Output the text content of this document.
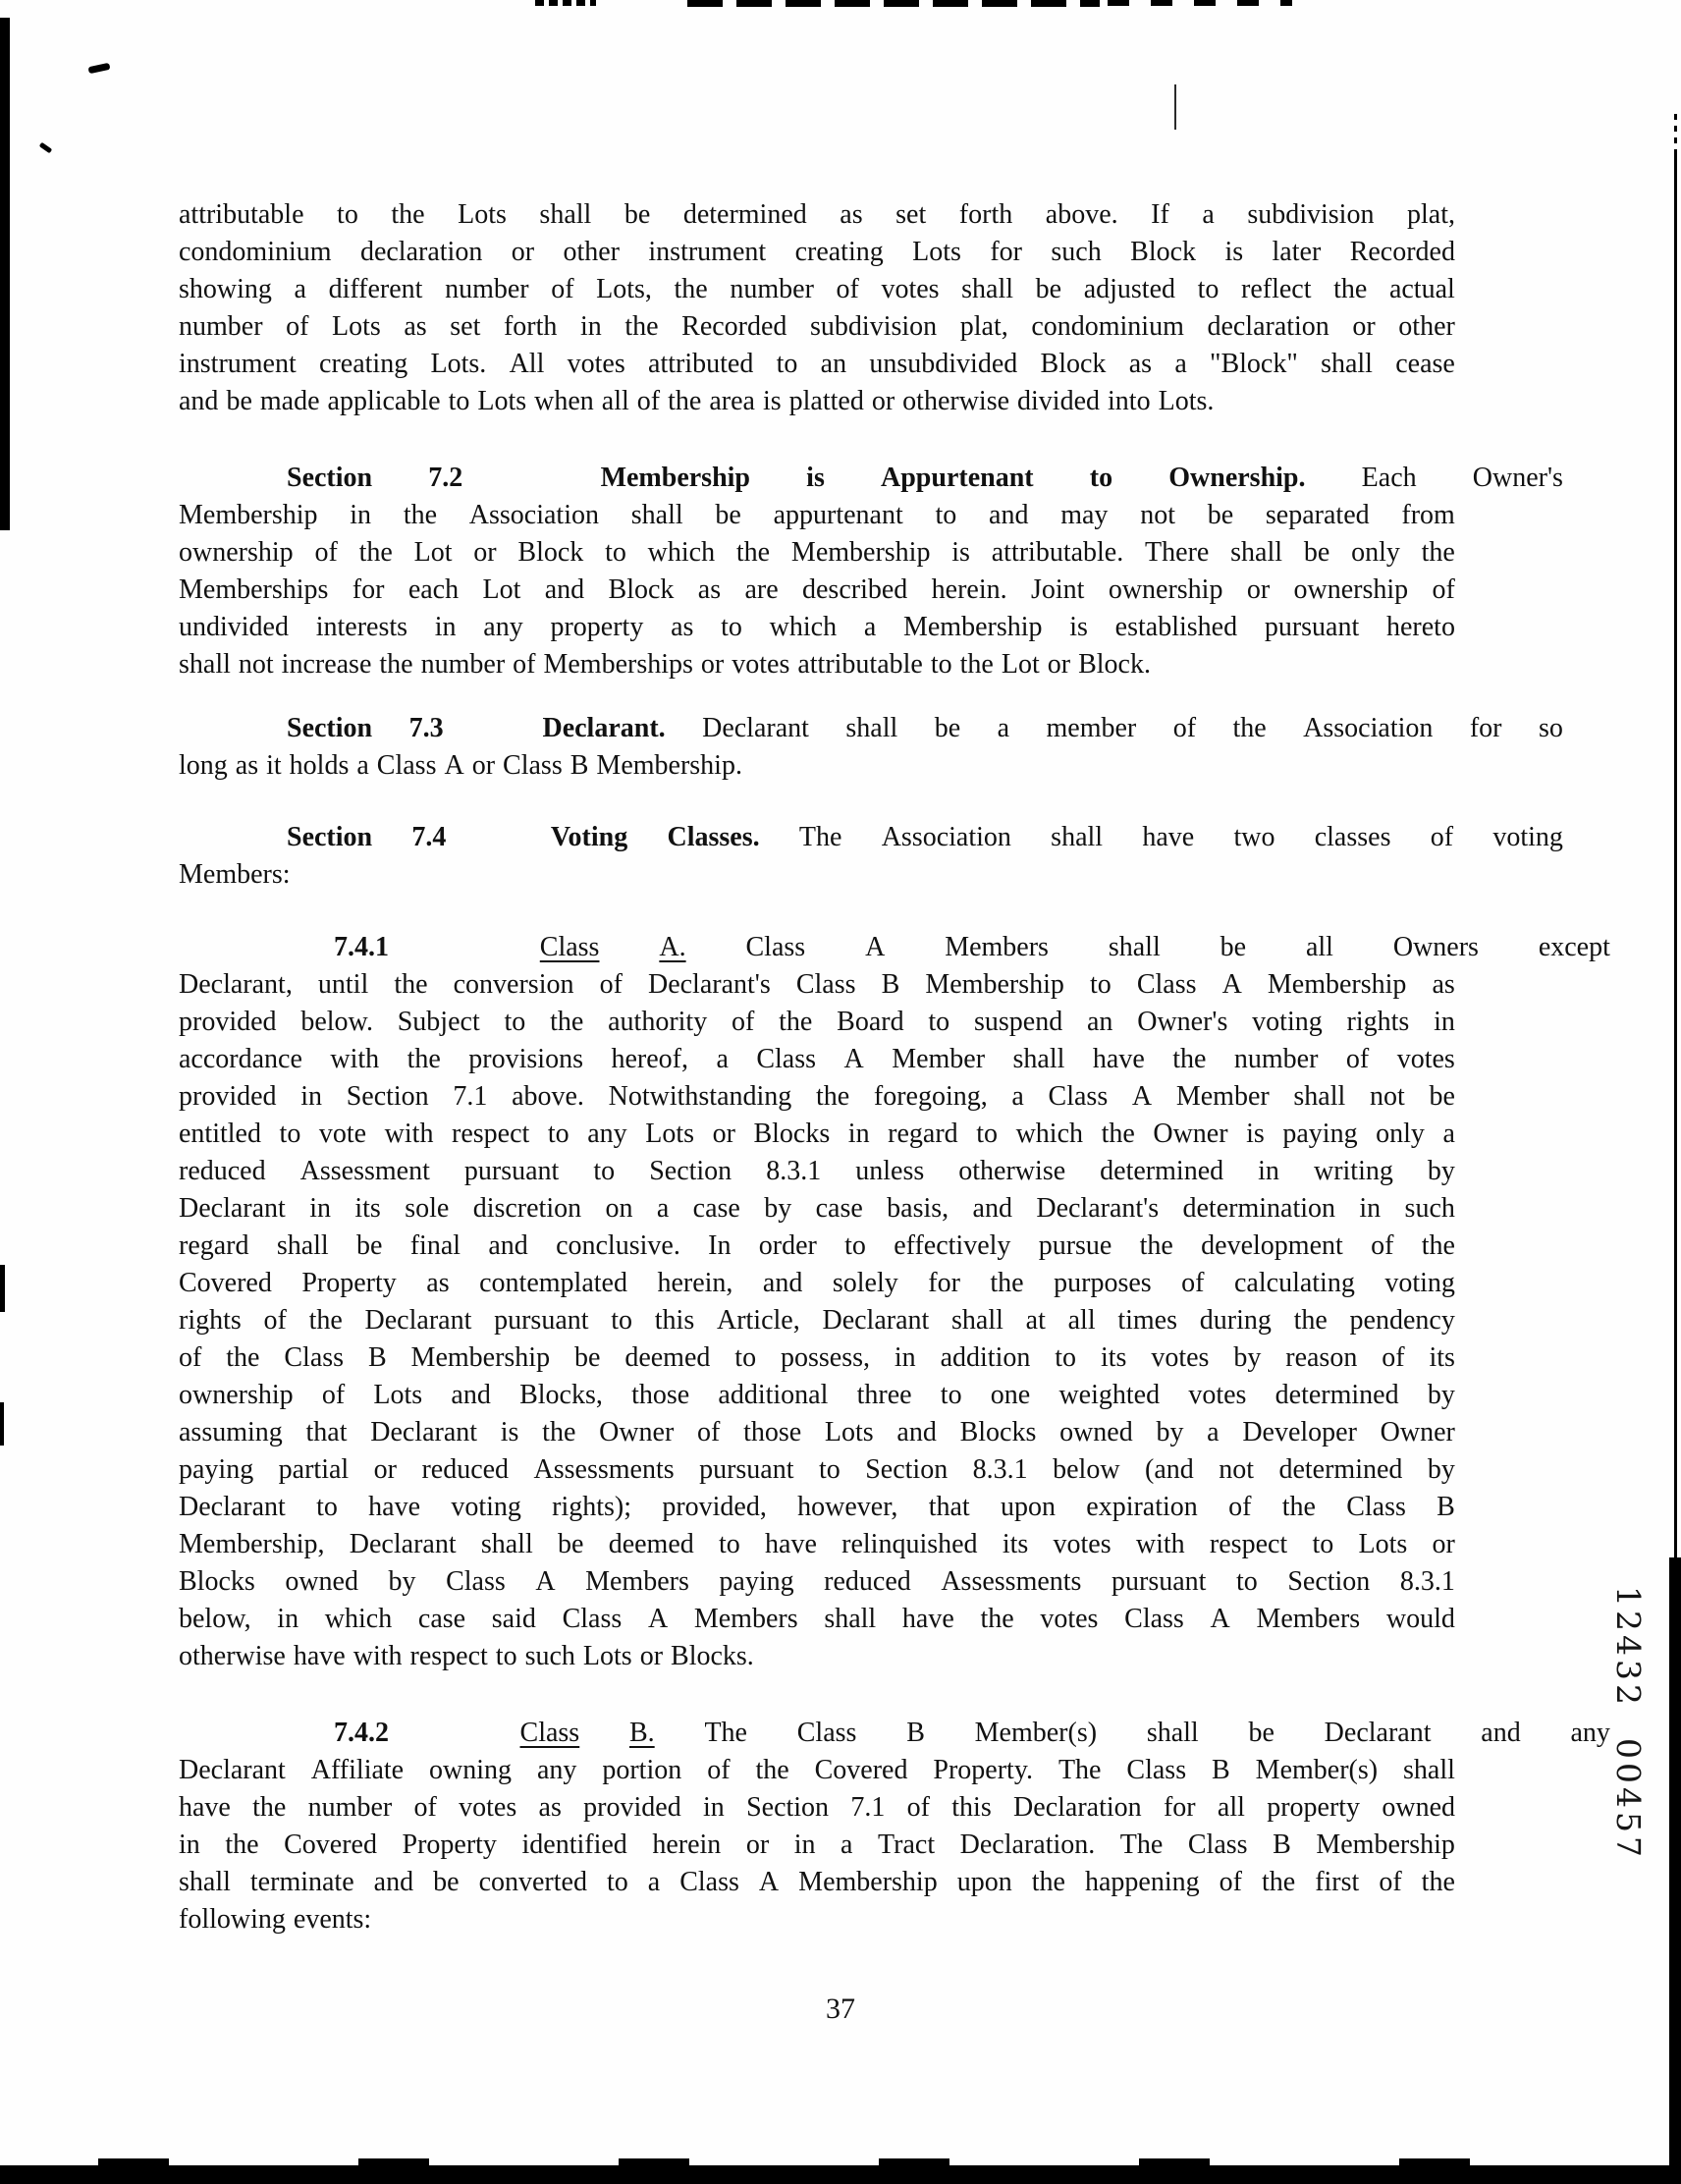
attributable to the Lots shall be determined as set forth above. If a subdivision plat,
condominium declaration or other instrument creating Lots for such Block is later Recorded
showing a different number of Lots, the number of votes shall be adjusted to reflect the actual
number of Lots as set forth in the Recorded subdivision plat, condominium declaration or other
instrument creating Lots. All votes attributed to an unsubdivided Block as a "Block" shall cease
and be made applicable to Lots when all of the area is platted or otherwise divided into Lots.
Section 7.2	Membership is Appurtenant to Ownership. Each Owner's
Membership in the Association shall be appurtenant to and may not be separated from
ownership of the Lot or Block to which the Membership is attributable. There shall be only the
Memberships for each Lot and Block as are described herein. Joint ownership or ownership of
undivided interests in any property as to which a Membership is established pursuant hereto
shall not increase the number of Memberships or votes attributable to the Lot or Block.
Section 7.3	Declarant. Declarant shall be a member of the Association for so
long as it holds a Class A or Class B Membership.
Section 7.4	Voting Classes. The Association shall have two classes of voting
Members:
7.4.1	Class A. Class A Members shall be all Owners except
Declarant, until the conversion of Declarant's Class B Membership to Class A Membership as
provided below. Subject to the authority of the Board to suspend an Owner's voting rights in
accordance with the provisions hereof, a Class A Member shall have the number of votes
provided in Section 7.1 above. Notwithstanding the foregoing, a Class A Member shall not be
entitled to vote with respect to any Lots or Blocks in regard to which the Owner is paying only a
reduced Assessment pursuant to Section 8.3.1 unless otherwise determined in writing by
Declarant in its sole discretion on a case by case basis, and Declarant's determination in such
regard shall be final and conclusive. In order to effectively pursue the development of the
Covered Property as contemplated herein, and solely for the purposes of calculating voting
rights of the Declarant pursuant to this Article, Declarant shall at all times during the pendency
of the Class B Membership be deemed to possess, in addition to its votes by reason of its
ownership of Lots and Blocks, those additional three to one weighted votes determined by
assuming that Declarant is the Owner of those Lots and Blocks owned by a Developer Owner
paying partial or reduced Assessments pursuant to Section 8.3.1 below (and not determined by
Declarant to have voting rights); provided, however, that upon expiration of the Class B
Membership, Declarant shall be deemed to have relinquished its votes with respect to Lots or
Blocks owned by Class A Members paying reduced Assessments pursuant to Section 8.3.1
below, in which case said Class A Members shall have the votes Class A Members would
otherwise have with respect to such Lots or Blocks.
7.4.2	Class B. The Class B Member(s) shall be Declarant and any
Declarant Affiliate owning any portion of the Covered Property. The Class B Member(s) shall
have the number of votes as provided in Section 7.1 of this Declaration for all property owned
in the Covered Property identified herein or in a Tract Declaration. The Class B Membership
shall terminate and be converted to a Class A Membership upon the happening of the first of the
following events:
12432
00457
37
